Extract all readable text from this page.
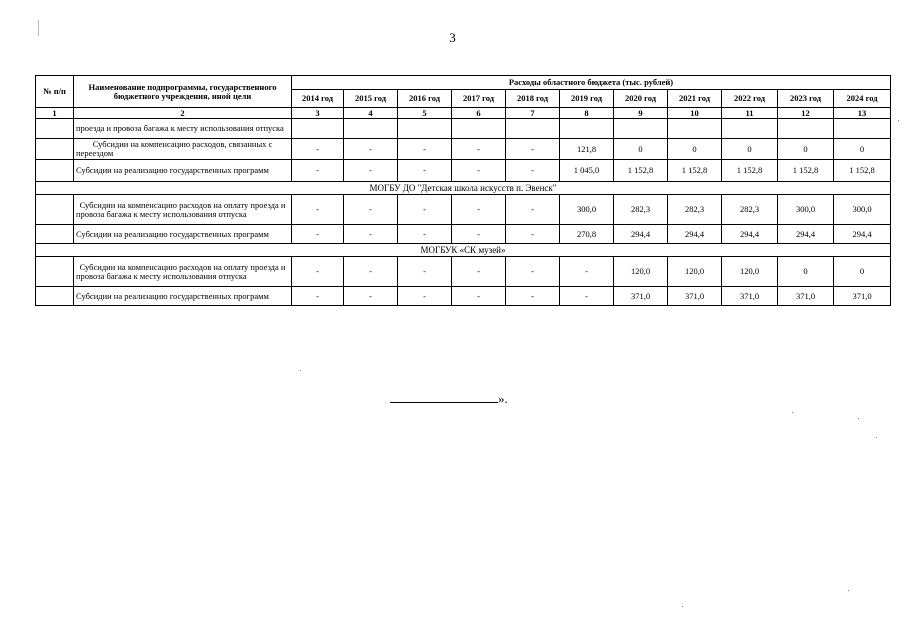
3
№ п/п	Наименование подпрограммы, государственного бюджетного учреждения, иной цели	Расходы областного бюджета (тыс. рублей)										
		2014 год	2015 год	2016 год	2017 год	2018 год	2019 год	2020 год	2021 год	2022 год	2023 год	2024 год
1	2	3	4	5	6	7	8	9	10	11	12	13
	проезда и провоза багажа к месту использования отпуска											
	Субсидии на компенсацию расходов, связанных с переездом	-	-	-	-	-	121,8	0	0	0	0	0
	Субсидии на реализацию государственных программ	-	-	-	-	-	1 045,0	1 152,8	1 152,8	1 152,8	1 152,8	1 152,8
МОГБУ ДО "Детская школа искусств п. Эвенск"												
	Субсидии на компенсацию расходов на оплату проезда и провоза багажа к месту использования отпуска	-	-	-	-	-	300,0	282,3	282,3	282,3	300,0	300,0
	Субсидии на реализацию государственных программ	-	-	-	-	-	270,8	294,4	294,4	294,4	294,4	294,4
МОГБУК «СК музей»												
	Субсидии на компенсацию расходов на оплату проезда и провоза багажа к месту использования отпуска	-	-	-	-	-	-	120,0	120,0	120,0	0	0
	Субсидии на реализацию государственных программ	-	-	-	-	-	-	371,0	371,0	371,0	371,0	371,0
».
